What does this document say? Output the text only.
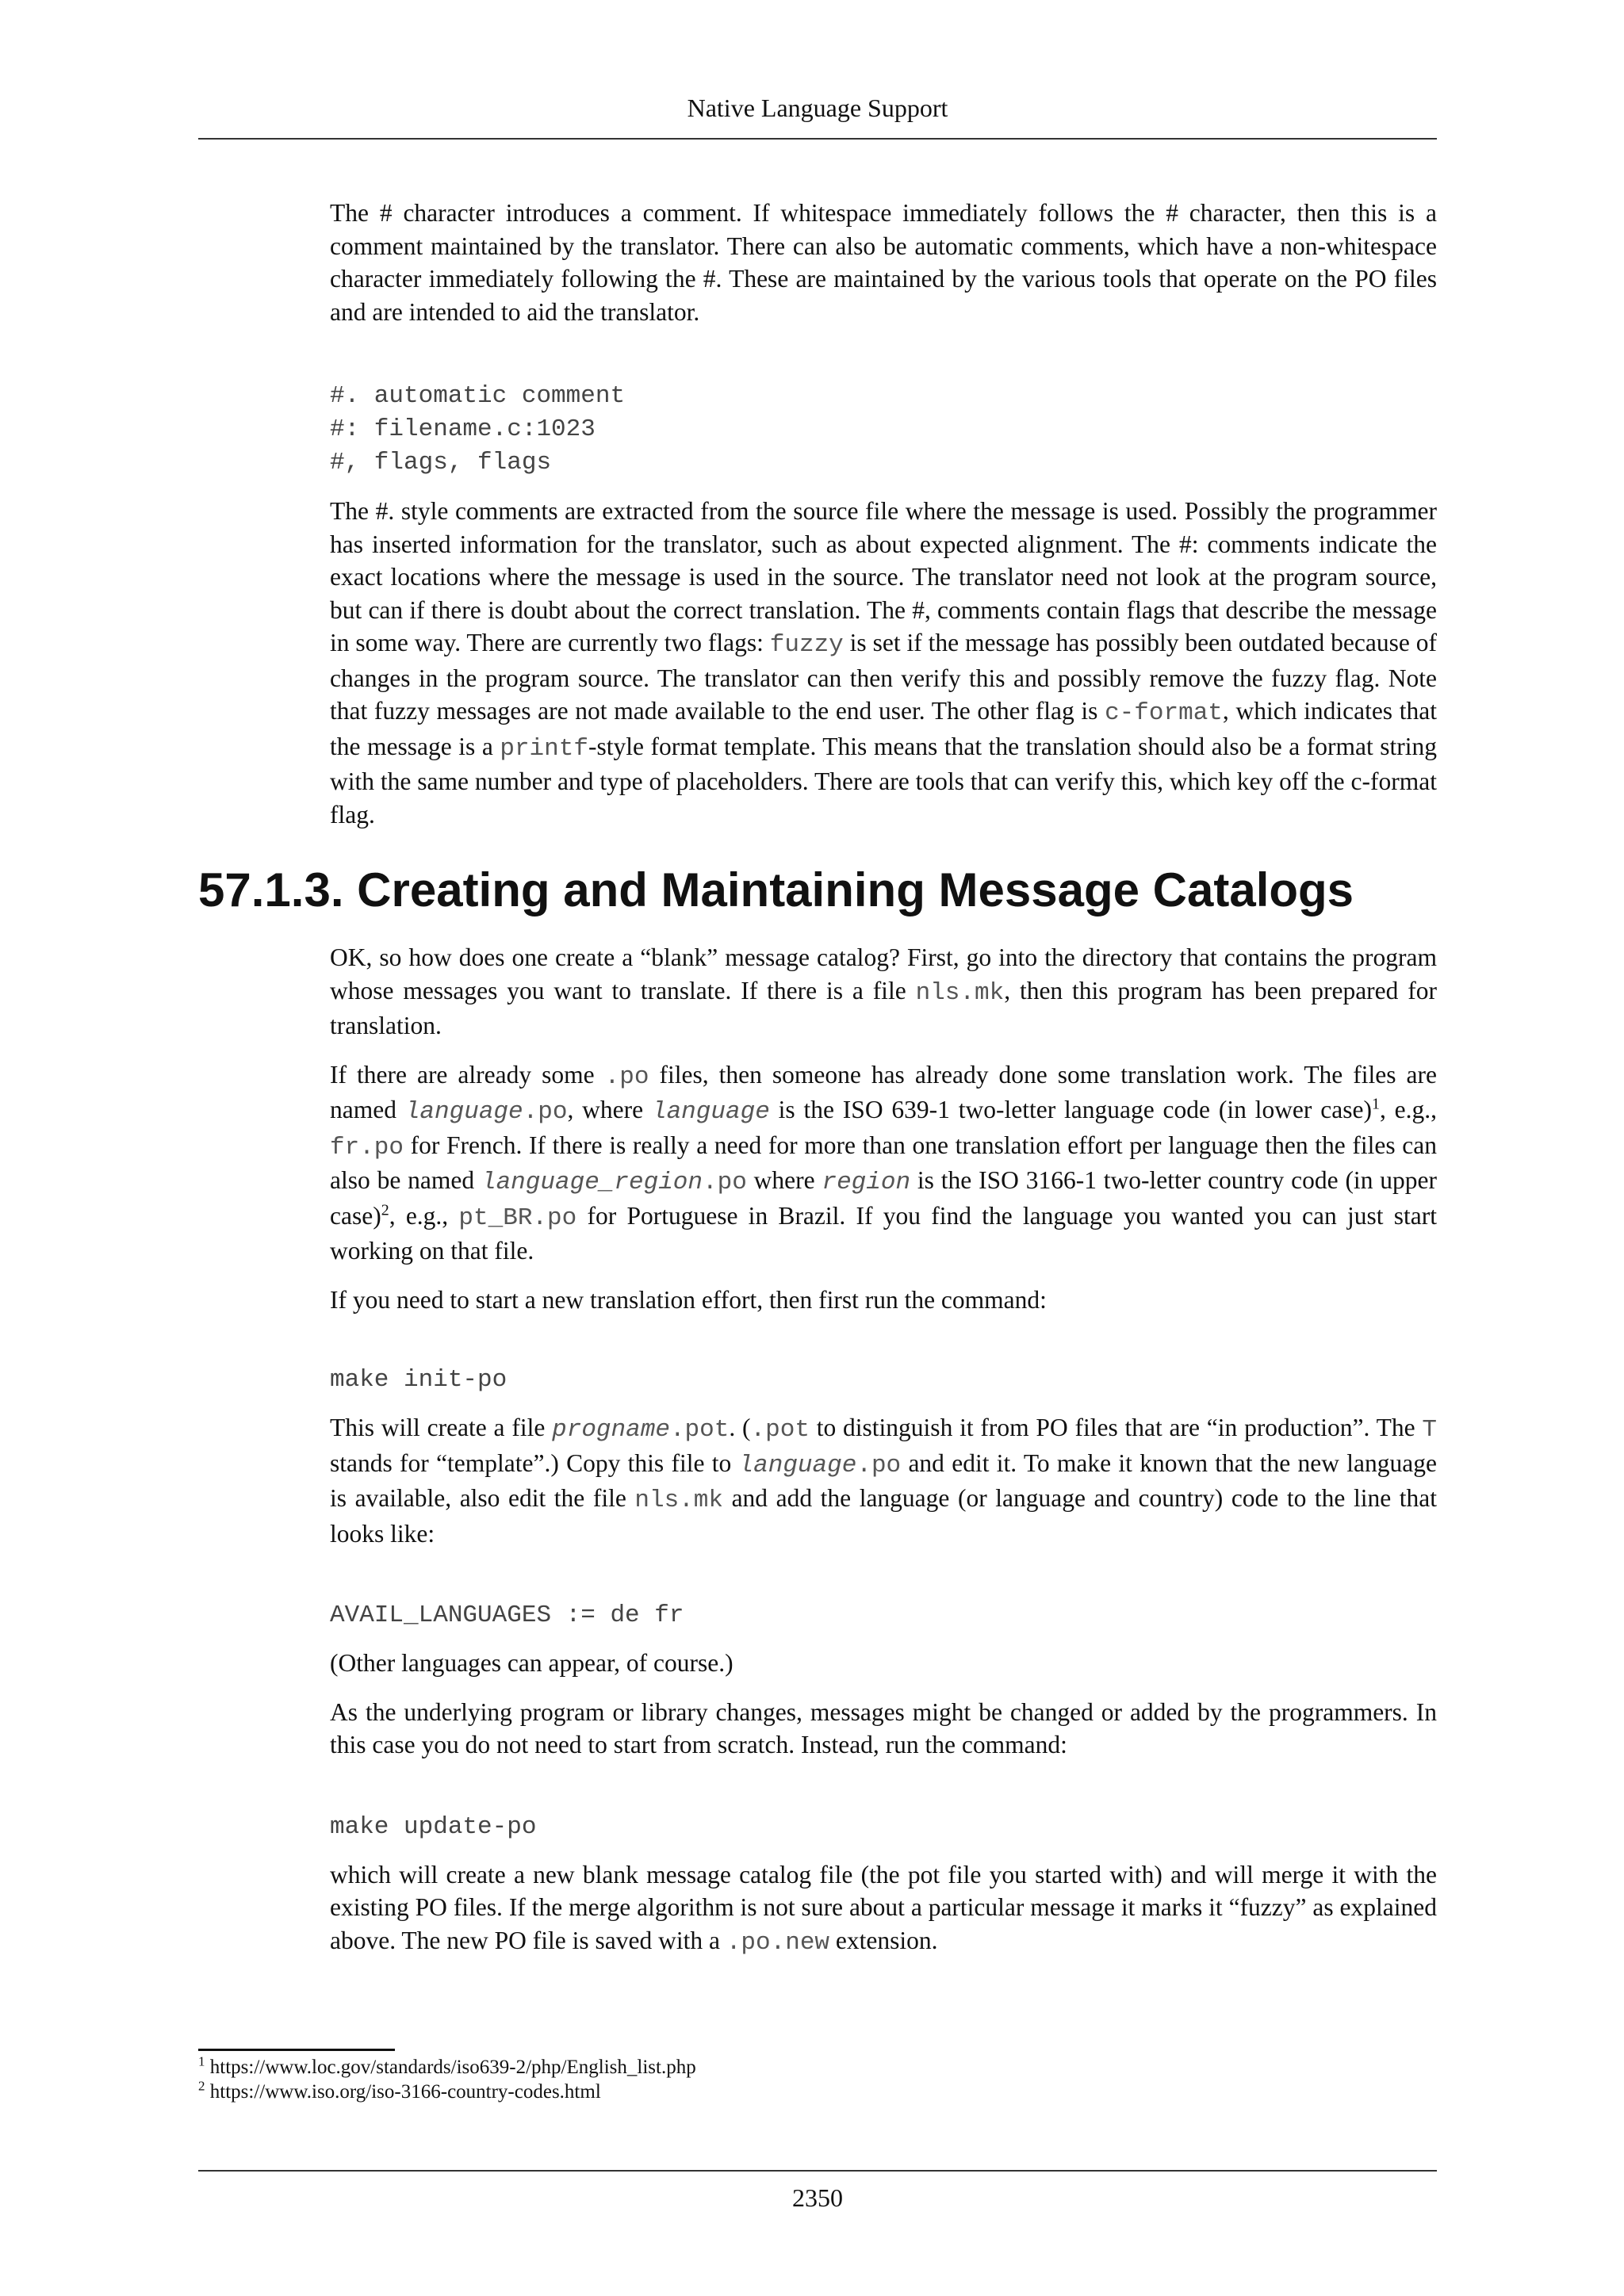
Native Language Support

The # character introduces a comment. If whitespace immediately follows the # character, then this is a comment maintained by the translator. There can also be automatic comments, which have a non-whitespace character immediately following the #. These are maintained by the various tools that operate on the PO files and are intended to aid the translator.

#. automatic comment
#: filename.c:1023
#, flags, flags

The #. style comments are extracted from the source file where the message is used. Possibly the programmer has inserted information for the translator, such as about expected alignment. The #: comments indicate the exact locations where the message is used in the source. The translator need not look at the program source, but can if there is doubt about the correct translation. The #, comments contain flags that describe the message in some way. There are currently two flags: fuzzy is set if the message has possibly been outdated because of changes in the program source. The translator can then verify this and possibly remove the fuzzy flag. Note that fuzzy messages are not made available to the end user. The other flag is c-format, which indicates that the message is a printf-style format template. This means that the translation should also be a format string with the same number and type of placeholders. There are tools that can verify this, which key off the c-format flag.

57.1.3. Creating and Maintaining Message Catalogs

OK, so how does one create a “blank” message catalog? First, go into the directory that contains the program whose messages you want to translate. If there is a file nls.mk, then this program has been prepared for translation.

If there are already some .po files, then someone has already done some translation work. The files are named language.po, where language is the ISO 639-1 two-letter language code (in lower case)$^1$, e.g., fr.po for French. If there is really a need for more than one translation effort per language then the files can also be named language_region.po where region is the ISO 3166-1 two-letter country code (in upper case)$^2$, e.g., pt_BR.po for Portuguese in Brazil. If you find the language you wanted you can just start working on that file.

If you need to start a new translation effort, then first run the command:

make init-po

This will create a file progname.pot. (.pot to distinguish it from PO files that are “in production”. The T stands for “template”.) Copy this file to language.po and edit it. To make it known that the new language is available, also edit the file nls.mk and add the language (or language and country) code to the line that looks like:

AVAIL_LANGUAGES := de fr

(Other languages can appear, of course.)

As the underlying program or library changes, messages might be changed or added by the programmers. In this case you do not need to start from scratch. Instead, run the command:

make update-po

which will create a new blank message catalog file (the pot file you started with) and will merge it with the existing PO files. If the merge algorithm is not sure about a particular message it marks it “fuzzy” as explained above. The new PO file is saved with a .po.new extension.

$^1$ https://www.loc.gov/standards/iso639-2/php/English_list.php
$^2$ https://www.iso.org/iso-3166-country-codes.html
2350
